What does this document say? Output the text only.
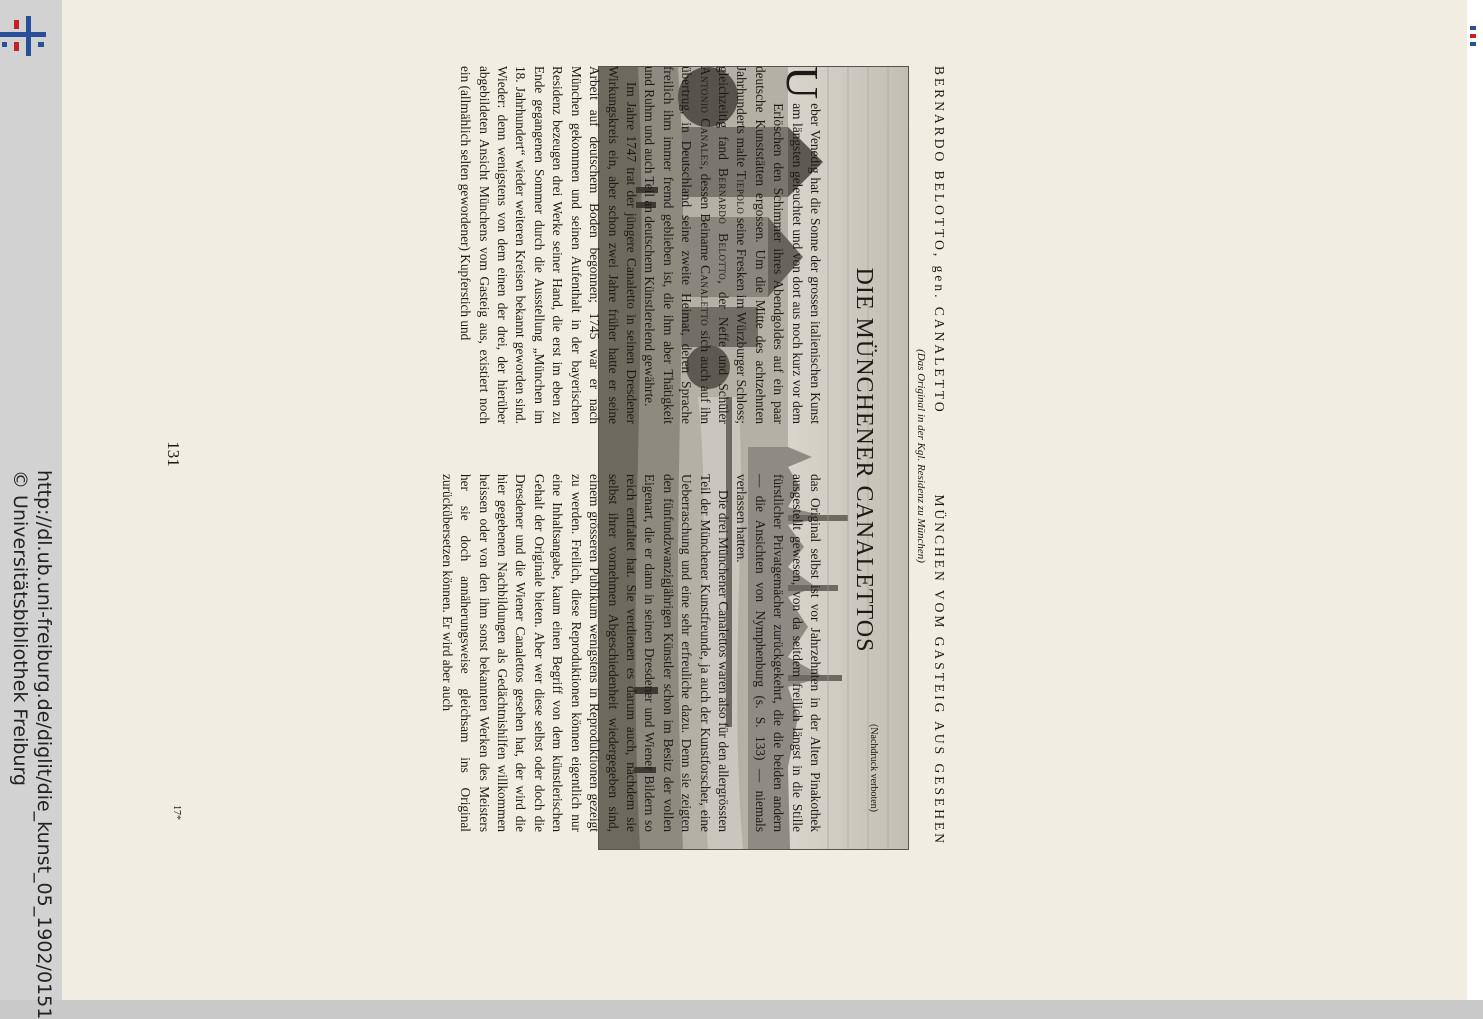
http://dl.ub.uni-freiburg.de/diglit/die_kunst_05_1902/0151
© Universitätsbibliothek Freiburg
BERNARDO BELOTTO, gen. CANALETTO
MÜNCHEN VOM GASTEIG AUS GESEHEN
(Das Original in der Kgl. Residenz zu München)
DIE MÜNCHENER CANALETTOS
(Nachdruck verboten)

U
eber Venedig hat die Sonne der grossen italienischen Kunst am längsten geleuchtet und von dort aus noch kurz vor dem Erlöschen den Schimmer ihres Abendgoldes auf ein paar deutsche Kunststätten ergossen. Um die Mitte des achtzehnten Jahrhunderts malte Tiepolo seine Fresken im Würzburger Schloss; gleichzeitig fand Bernardo Belotto, der Neffe und Schüler Antonio Canales, dessen Beiname Canaletto sich auch auf ihn übertrug, in Deutschland seine zweite Heimat, deren Sprache freilich ihm immer fremd geblieben ist, die ihm aber Thätigkeit und Ruhm und auch Teil an deutschem Künstlerelend gewährte.

Im Jahre 1747 trat der jüngere Canaletto in seinen Dresdener Wirkungskreis ein, aber schon zwei Jahre früher hatte er seine Arbeit auf deutschem Boden begonnen; 1745 war er nach München gekommen und seinen Aufenthalt in der bayerischen Residenz bezeugen drei Werke seiner Hand, die erst im eben zu Ende gegangenen Sommer durch die Ausstellung „München im 18. Jahrhundert“ wieder weiteren Kreisen bekannt geworden sind. Wieder: denn wenigstens von dem einen der drei, der hierüber abgebildeten Ansicht Münchens vom Gasteig aus, existiert noch ein (allmählich selten gewordener) Kupferstich und

das Original selbst ist vor Jahrzehnten in der Alten Pinakothek ausgestellt gewesen, von da seitdem freilich längst in die Stille fürstlicher Privatgemächer zurückgekehrt, die die beiden andern — die Ansichten von Nymphenburg (s. S. 133) — niemals verlassen hatten.

Die drei Münchener Canalettos waren also für den allergrössten Teil der Münchener Kunstfreunde, ja auch der Kunstforscher, eine Ueberraschung und eine sehr erfreuliche dazu. Denn sie zeigten den fünfundzwanzigjährigen Künstler schon im Besitz der vollen Eigenart, die er dann in seinen Dresdener und Wiener Bildern so reich entfaltet hat. Sie verdienen es darum auch, nachdem sie selbst ihrer vornehmen Abgeschiedenheit wiedergegeben sind, einem grösseren Publikum wenigstens in Reproduktionen gezeigt zu werden. Freilich, diese Reproduktionen können eigentlich nur eine Inhaltsangabe, kaum einen Begriff von dem künstlerischen Gehalt der Originale bieten. Aber wer diese selbst oder doch die Dresdener und die Wiener Canalettos gesehen hat, der wird die hier gegebenen Nachbildungen als Gedächtnishilfen willkommen heissen oder von den ihm sonst bekannten Werken des Meisters her sie doch annäherungsweise gleichsam ins Original zurückübersetzen können. Er wird aber auch

131
17*
